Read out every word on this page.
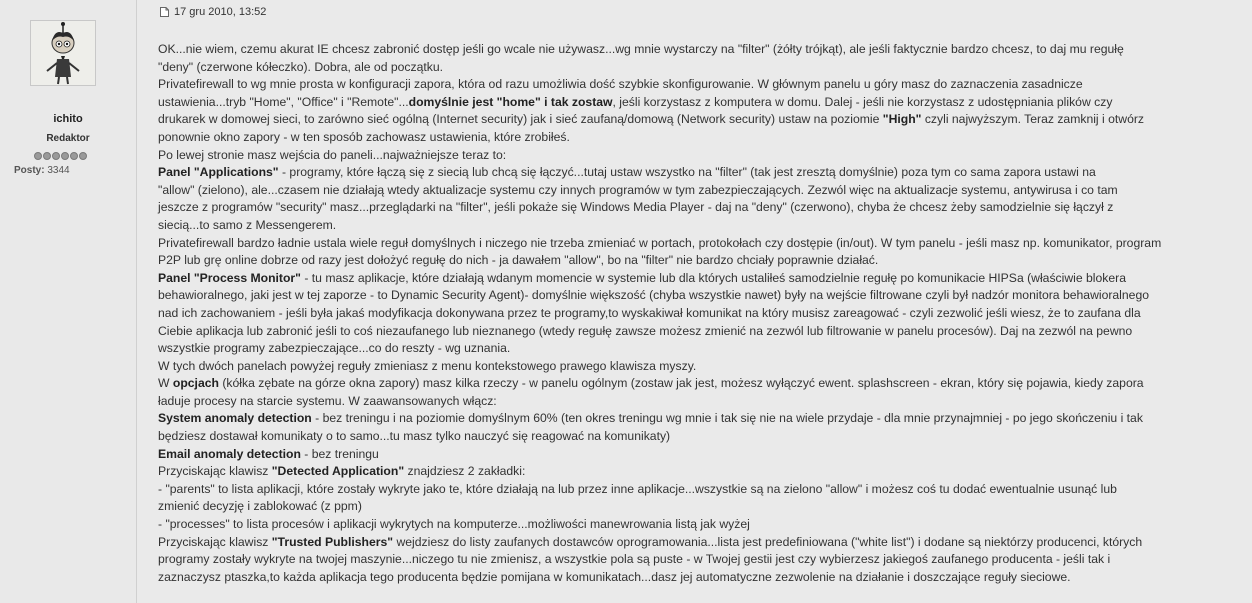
ichito
Redaktor
Posty: 3344
17 gru 2010, 13:52
OK...nie wiem, czemu akurat IE chcesz zabronić dostęp jeśli go wcale nie używasz...wg mnie wystarczy na "filter" (żółty trójkąt), ale jeśli faktycznie bardzo chcesz, to daj mu regułę
"deny" (czerwone kółeczko). Dobra, ale od początku.
Privatefirewall to wg mnie prosta w konfiguracji zapora, która od razu umożliwia dość szybkie skonfigurowanie. W głównym panelu u góry masz do zaznaczenia zasadnicze
ustawienia...tryb "Home", "Office" i "Remote"...domyślnie jest "home" i tak zostaw, jeśli korzystasz z komputera w domu. Dalej - jeśli nie korzystasz z udostępniania plików czy
drukarek w domowej sieci, to zarówno sieć ogólną (Internet security) jak i sieć zaufaną/domową (Network security) ustaw na poziomie "High" czyli najwyższym. Teraz zamknij i otwórz
ponownie okno zapory - w ten sposób zachowasz ustawienia, które zrobiłeś.
Po lewej stronie masz wejścia do paneli...najważniejsze teraz to:
Panel "Applications" - programy, które łączą się z siecią lub chcą się łączyć...tutaj ustaw wszystko na "filter" (tak jest zresztą domyślnie) poza tym co sama zapora ustawi na
"allow" (zielono), ale...czasem nie działają wtedy aktualizacje systemu czy innych programów w tym zabezpieczających. Zezwól więc na aktualizacje systemu, antywirusa i co tam
jeszcze z programów "security" masz...przeglądarki na "filter", jeśli pokaże się Windows Media Player - daj na "deny" (czerwono), chyba że chcesz żeby samodzielnie się łączył z
siecią...to samo z Messengerem.
Privatefirewall bardzo ładnie ustala wiele reguł domyślnych i niczego nie trzeba zmieniać w portach, protokołach czy dostępie (in/out). W tym panelu - jeśli masz np. komunikator, program
P2P lub grę online dobrze od razy jest dołożyć regułę do nich - ja dawałem "allow", bo na "filter" nie bardzo chciały poprawnie działać.
Panel "Process Monitor" - tu masz aplikacje, które działają wdanym momencie w systemie lub dla których ustaliłeś samodzielnie regułę po komunikacie HIPSa (właściwie blokera
behawioralnego, jaki jest w tej zaporze - to Dynamic Security Agent)- domyślnie większość (chyba wszystkie nawet) były na wejście filtrowane czyli był nadzór monitora behawioralnego
nad ich zachowaniem - jeśli była jakaś modyfikacja dokonywana przez te programy,to wyskakiwał komunikat na który musisz zareagować - czyli zezwolić jeśli wiesz, że to zaufana dla
Ciebie aplikacja lub zabronić jeśli to coś niezaufanego lub nieznanego (wtedy regułę zawsze możesz zmienić na zezwól lub filtrowanie w panelu procesów). Daj na zezwól na pewno
wszystkie programy zabezpieczające...co do reszty - wg uznania.
W tych dwóch panelach powyżej reguły zmieniasz z menu kontekstowego prawego klawisza myszy.
W opcjach (kółka zębate na górze okna zapory) masz kilka rzeczy - w panelu ogólnym (zostaw jak jest, możesz wyłączyć ewent. splashscreen - ekran, który się pojawia, kiedy zapora
ładuje procesy na starcie systemu. W zaawansowanych włącz:
System anomaly detection - bez treningu i na poziomie domyślnym 60% (ten okres treningu wg mnie i tak się nie na wiele przydaje - dla mnie przynajmniej - po jego skończeniu i tak
będziesz dostawał komunikaty o to samo...tu masz tylko nauczyć się reagować na komunikaty)
Email anomaly detection - bez treningu
Przyciskając klawisz "Detected Application" znajdziesz 2 zakładki:
- "parents" to lista aplikacji, które zostały wykryte jako te, które działają na lub przez inne aplikacje...wszystkie są na zielono "allow" i możesz coś tu dodać ewentualnie usunąć lub
zmienić decyzję i zablokować (z ppm)
- "processes" to lista procesów i aplikacji wykrytych na komputerze...możliwości manewrowania listą jak wyżej
Przyciskając klawisz "Trusted Publishers" wejdziesz do listy zaufanych dostawców oprogramowania...lista jest predefiniowana ("white list") i dodane są niektórzy producenci, których
programy zostały wykryte na twojej maszynie...niczego tu nie zmienisz, a wszystkie pola są puste - w Twojej gestii jest czy wybierzesz jakiegoś zaufanego producenta - jeśli tak i
zaznaczysz ptaszka,to każda aplikacja tego producenta będzie pomijana w komunikatach...dasz jej automatyczne zezwolenie na działanie i doszczające reguły sieciowe.
